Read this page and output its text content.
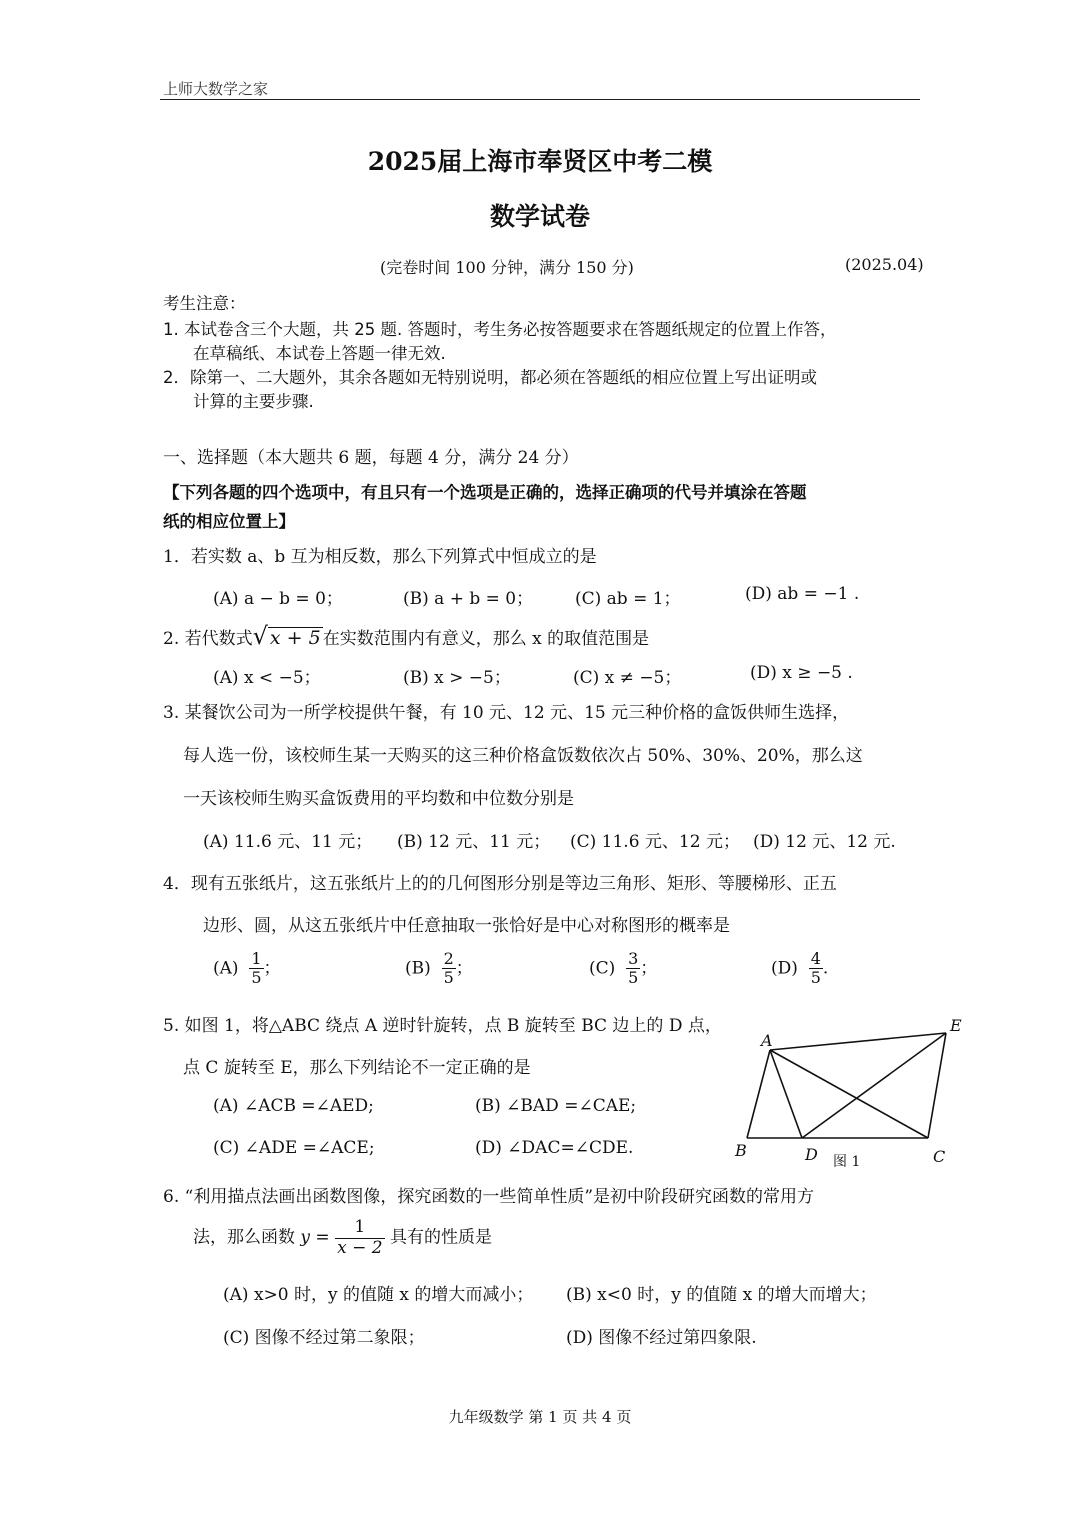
上师大数学之家
2025届上海市奉贤区中考二模
数学试卷
(完卷时间 100 分钟，满分 150 分)	(2025.04)
考生注意：
1. 本试卷含三个大题，共 25 题. 答题时，考生务必按答题要求在答题纸规定的位置上作答，
在草稿纸、本试卷上答题一律无效.
2．除第一、二大题外，其余各题如无特别说明，都必须在答题纸的相应位置上写出证明或
计算的主要步骤.
一、选择题（本大题共 6 题，每题 4 分，满分 24 分）
【下列各题的四个选项中，有且只有一个选项是正确的，选择正确项的代号并填涂在答题
纸的相应位置上】
1．若实数 a、b 互为相反数，那么下列算式中恒成立的是
(A) a − b = 0；	(B) a + b = 0； (C) ab = 1；	(D) ab = −1 .
2. 若代数式√ x + 5 在实数范围内有意义，那么 x 的取值范围是
(A) x < −5；	(B) x > −5；	(C) x ≠ −5；	(D) x ≥ −5 .
3. 某餐饮公司为一所学校提供午餐，有 10 元、12 元、15 元三种价格的盒饭供师生选择，
每人选一份，该校师生某一天购买的这三种价格盒饭数依次占 50%、30%、20%，那么这
一天该校师生购买盒饭费用的平均数和中位数分别是
(A) 11.6 元、11 元； (B) 12 元、11 元； (C) 11.6 元、12 元； (D) 12 元、12 元.
4．现有五张纸片，这五张纸片上的的几何图形分别是等边三角形、矩形、等腰梯形、正五
边形、圆，从这五张纸片中任意抽取一张恰好是中心对称图形的概率是
$(A) \frac{1}{5}$ ；	$(B) \frac{2}{5}$ ；	$(C) \frac{3}{5}$ ；	$(D) \frac{4}{5}$ .
5. 如图 1，将△ABC 绕点 A 逆时针旋转，点 B 旋转至 BC 边上的 D 点，
点 C 旋转至 E，那么下列结论不一定正确的是
(A) ∠ACB =∠AED;	(B) ∠BAD =∠CAE;
(C) ∠ADE =∠ACE;	(D) ∠DAC=∠CDE.
A
B	C
D
E
图 1
6. “利用描点法画出函数图像，探究函数的一些简单性质”是初中阶段研究函数的常用方
法，那么函数 $y = \frac{1}{x - 2}$ 具有的性质是
(A) x>0 时，y 的值随 x 的增大而减小； (B) x<0 时，y 的值随 x 的增大而增大；
(C) 图像不经过第二象限；	(D) 图像不经过第四象限.
九年级数学 第 1 页 共 4 页
